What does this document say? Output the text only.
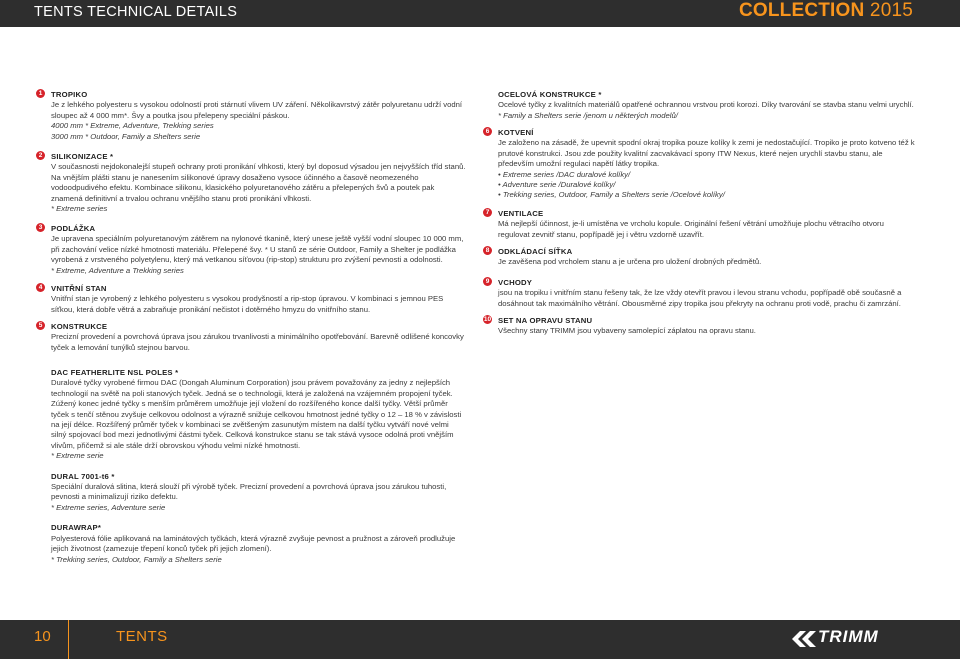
TENTS TECHNICAL DETAILS	COLLECTION 2015
1	TROPIKO
Je z lehkého polyesteru s vysokou odolností proti stárnutí vlivem UV záření. Několikavrstvý zátěr polyuretanu udrží vodní sloupec až 4 000 mm*. Švy a poutka jsou přelepeny speciální páskou.
4000 mm * Extreme, Adventure, Trekking series
3000 mm * Outdoor, Family a Shelters serie
2	SILIKONIZACE *
V současnosti nejdokonalejší stupeň ochrany proti pronikání vlhkosti, který byl doposud výsadou jen nejvyšších tříd stanů. Na vnějším plášti stanu je nanesením silikonové úpravy dosaženo vysoce účinného a časově neomezeného vodoodpudivého efektu. Kombinace silikonu, klasického polyuretanového zátěru a přelepených švů a poutek pak znamená definitivní a trvalou ochranu vnějšího stanu proti pronikání vlhkosti.
* Extreme series
3	PODLÁŽKA
Je upravena speciálním polyuretanovým zátěrem na nylonové tkanině, který unese ještě vyšší vodní sloupec 10 000 mm, při zachování velice nízké hmotnosti materiálu. Přelepené švy. * U stanů ze série Outdoor, Family a Shelter je podlážka vyrobená z vrstveného polyetylenu, který má vetkanou síťovou (rip-stop) strukturu pro zvýšení pevnosti a odolnosti.
* Extreme, Adventure a Trekking series
4	VNITŘNÍ STAN
Vnitřní stan je vyrobený z lehkého polyesteru s vysokou prodyšností a rip-stop úpravou. V kombinaci s jemnou PES síťkou, která dobře větrá a zabraňuje pronikání nečistot i dotěrného hmyzu do vnitřního stanu.
5	KONSTRUKCE
Precizní provedení a povrchová úprava jsou zárukou trvanlivosti a minimálního opotřebování. Barevně odlišené koncovky tyček a lemování tunýlků stejnou barvou.
DAC FEATHERLITE NSL POLES *
Duralové tyčky vyrobené firmou DAC (Dongah Aluminum Corporation) jsou právem považovány za jedny z nejlepších technologií na světě na poli stanových tyček. Jedná se o technologii, která je založená na vzájemném propojení tyček. Zúžený konec jedné tyčky s menším průměrem umožňuje její vložení do rozšířeného konce další tyčky. Větší průměr tyček s tenčí stěnou zvyšuje celkovou odolnost a výrazně snižuje celkovou hmotnost jedné tyčky o 12 – 18 % v závislosti na její délce. Rozšířený průměr tyček v kombinaci se zvětšeným zasunutým místem na další tyčku vytváří nové velmi silný spojovací bod mezi jednotlivými částmi tyček. Celková konstrukce stanu se tak stává vysoce odolná proti vnějším vlivům, přičemž si ale stále drží obrovskou výhodu velmi nízké hmotnosti.
* Extreme serie
DURAL 7001-t6 *
Speciální duralová slitina, která slouží při výrobě tyček. Precizní provedení a povrchová úprava jsou zárukou tuhosti, pevnosti a minimalizují riziko defektu.
* Extreme series, Adventure serie
DURAWRAP*
Polyesterová fólie aplikovaná na laminátových tyčkách, která výrazně zvyšuje pevnost a pružnost a zároveň prodlužuje jejich životnost (zamezuje třepení konců tyček při jejich zlomení).
* Trekking series, Outdoor, Family a Shelters serie
OCELOVÁ KONSTRUKCE *
Ocelové tyčky z kvalitních materiálů opatřené ochrannou vrstvou proti korozi. Díky tvarování se stavba stanu velmi urychlí.
* Family a Shelters serie /jenom u některých modelů/
6	KOTVENÍ
Je založeno na zásadě, že upevnit spodní okraj tropika pouze kolíky k zemi je nedostačující. Tropiko je proto kotveno též k prutové konstrukci. Jsou zde použity kvalitní zacvakávací spony ITW Nexus, které nejen urychlí stavbu stanu, ale především umožní regulaci napětí látky tropika.
• Extreme series /DAC duralové kolíky/
• Adventure serie /Duralové kolíky/
• Trekking series, Outdoor, Family a Shelters serie /Ocelové kolíky/
7	VENTILACE
Má nejlepší účinnost, je-li umístěna ve vrcholu kopule. Originální řešení větrání umožňuje plochu větracího otvoru regulovat zevnitř stanu, popřípadě jej i větru vzdorně uzavřít.
8	ODKLÁDACÍ SÍŤKA
Je zavěšena pod vrcholem stanu a je určena pro uložení drobných předmětů.
9	VCHODY
jsou na tropiku i vnitřním stanu řešeny tak, že lze vždy otevřít pravou i levou stranu vchodu, popřípadě obě současně a dosáhnout tak maximálního větrání. Obousměrné zipy tropika jsou překryty na ochranu proti vodě, prachu či zamrzání.
10 SET NA OPRAVU STANU
Všechny stany TRIMM jsou vybaveny samolepící záplatou na opravu stanu.
10	TENTS	TRIMM
